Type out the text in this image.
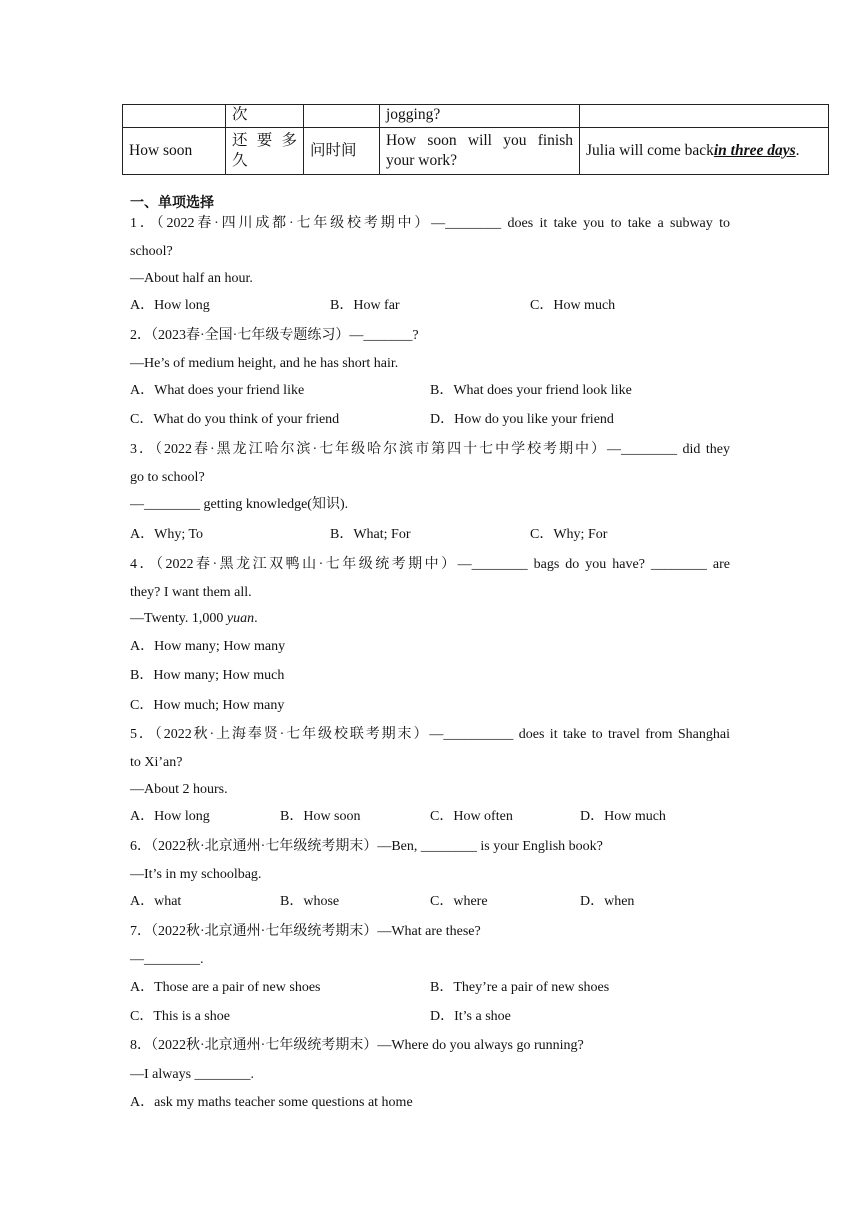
	次		jogging?	
How soon	还 要 多 久	问时间	How soon will you finish your work?	Julia will come backin three days.
一、单项选择
1．（2022春·四川成都·七年级校考期中）—________ does it take you to take a subway to
school?
—About half an hour.
A．How long	B．How far	C．How much
2．（2023春·全国·七年级专题练习）—_______?
—He’s of medium height, and he has short hair.
A．What does your friend like	B．What does your friend look like
C．What do you think of your friend	D．How do you like your friend
3．（2022春·黑龙江哈尔滨·七年级哈尔滨市第四十七中学校考期中）—________ did they
go to school?
—________ getting knowledge(知识).
A．Why; To	B．What; For	C．Why; For
4．（2022春·黑龙江双鸭山·七年级统考期中）—________ bags do you have? ________ are
they? I want them all.
—Twenty. 1,000 yuan.
A．How many; How many
B．How many; How much
C．How much; How many
5．（2022秋·上海奉贤·七年级校联考期末）—__________ does it take to travel from Shanghai
to Xi’an?
—About 2 hours.
A．How long	B．How soon	C．How often	D．How much
6．（2022秋·北京通州·七年级统考期末）—Ben, ________ is your English book?
—It’s in my schoolbag.
A．what	B．whose	C．where	D．when
7．（2022秋·北京通州·七年级统考期末）—What are these?
—________.
A．Those are a pair of new shoes	B．They’re a pair of new shoes
C．This is a shoe	D．It’s a shoe
8．（2022秋·北京通州·七年级统考期末）—Where do you always go running?
—I always ________.
A．ask my maths teacher some questions at home
